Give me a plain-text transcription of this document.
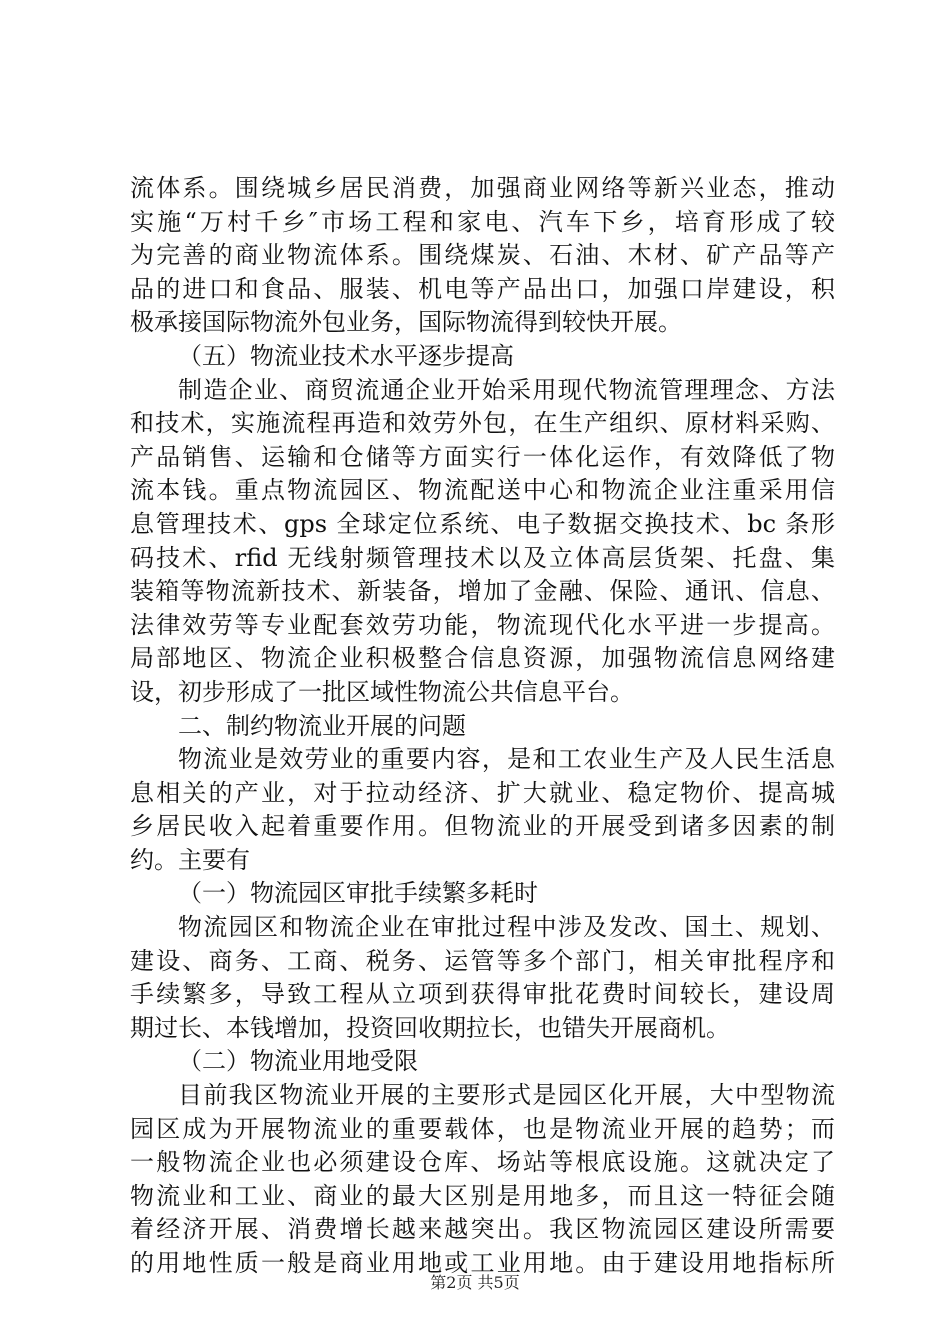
流体系。围绕城乡居民消费，加强商业网络等新兴业态，推动
实施“万村千乡″市场工程和家电、汽车下乡，培育形成了较
为完善的商业物流体系。围绕煤炭、石油、木材、矿产品等产
品的进口和食品、服装、机电等产品出口，加强口岸建设，积
极承接国际物流外包业务，国际物流得到较快开展。
（五）物流业技术水平逐步提高
制造企业、商贸流通企业开始采用现代物流管理理念、方法
和技术，实施流程再造和效劳外包，在生产组织、原材料采购、
产品销售、运输和仓储等方面实行一体化运作，有效降低了物
流本钱。重点物流园区、物流配送中心和物流企业注重采用信
息管理技术、gps 全球定位系统、电子数据交换技术、bc 条形
码技术、rfid 无线射频管理技术以及立体高层货架、托盘、集
装箱等物流新技术、新装备，增加了金融、保险、通讯、信息、
法律效劳等专业配套效劳功能，物流现代化水平进一步提高。
局部地区、物流企业积极整合信息资源，加强物流信息网络建
设，初步形成了一批区域性物流公共信息平台。
二、制约物流业开展的问题
物流业是效劳业的重要内容，是和工农业生产及人民生活息
息相关的产业，对于拉动经济、扩大就业、稳定物价、提高城
乡居民收入起着重要作用。但物流业的开展受到诸多因素的制
约。主要有
（一）物流园区审批手续繁多耗时
物流园区和物流企业在审批过程中涉及发改、国土、规划、
建设、商务、工商、税务、运管等多个部门，相关审批程序和
手续繁多，导致工程从立项到获得审批花费时间较长，建设周
期过长、本钱增加，投资回收期拉长，也错失开展商机。
（二）物流业用地受限
目前我区物流业开展的主要形式是园区化开展，大中型物流
园区成为开展物流业的重要载体，也是物流业开展的趋势；而
一般物流企业也必须建设仓库、场站等根底设施。这就决定了
物流业和工业、商业的最大区别是用地多，而且这一特征会随
着经济开展、消费增长越来越突出。我区物流园区建设所需要
的用地性质一般是商业用地或工业用地。由于建设用地指标所
第2页 共5页
